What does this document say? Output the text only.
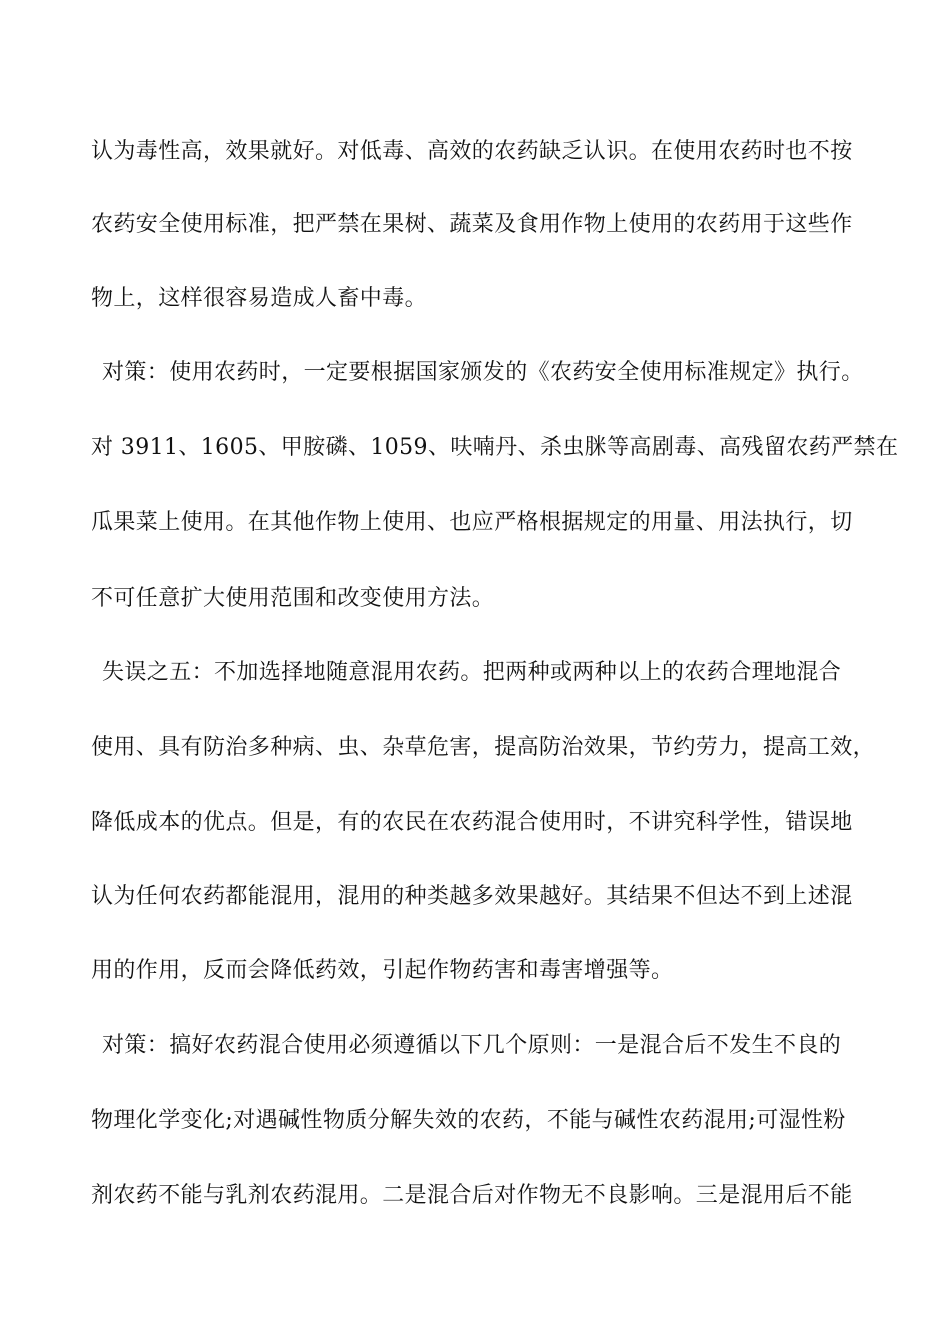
认为毒性高，效果就好。对低毒、高效的农药缺乏认识。在使用农药时也不按
农药安全使用标准，把严禁在果树、蔬菜及食用作物上使用的农药用于这些作
物上，这样很容易造成人畜中毒。
对策：使用农药时，一定要根据国家颁发的《农药安全使用标准规定》执行。
对 3911、1605、甲胺磷、1059、呋喃丹、杀虫脒等高剧毒、高残留农药严禁在
瓜果菜上使用。在其他作物上使用、也应严格根据规定的用量、用法执行，切
不可任意扩大使用范围和改变使用方法。
失误之五：不加选择地随意混用农药。把两种或两种以上的农药合理地混合
使用、具有防治多种病、虫、杂草危害，提高防治效果，节约劳力，提高工效，
降低成本的优点。但是，有的农民在农药混合使用时，不讲究科学性，错误地
认为任何农药都能混用，混用的种类越多效果越好。其结果不但达不到上述混
用的作用，反而会降低药效，引起作物药害和毒害增强等。
对策：搞好农药混合使用必须遵循以下几个原则：一是混合后不发生不良的
物理化学变化;对遇碱性物质分解失效的农药，不能与碱性农药混用;可湿性粉
剂农药不能与乳剂农药混用。二是混合后对作物无不良影响。三是混用后不能
